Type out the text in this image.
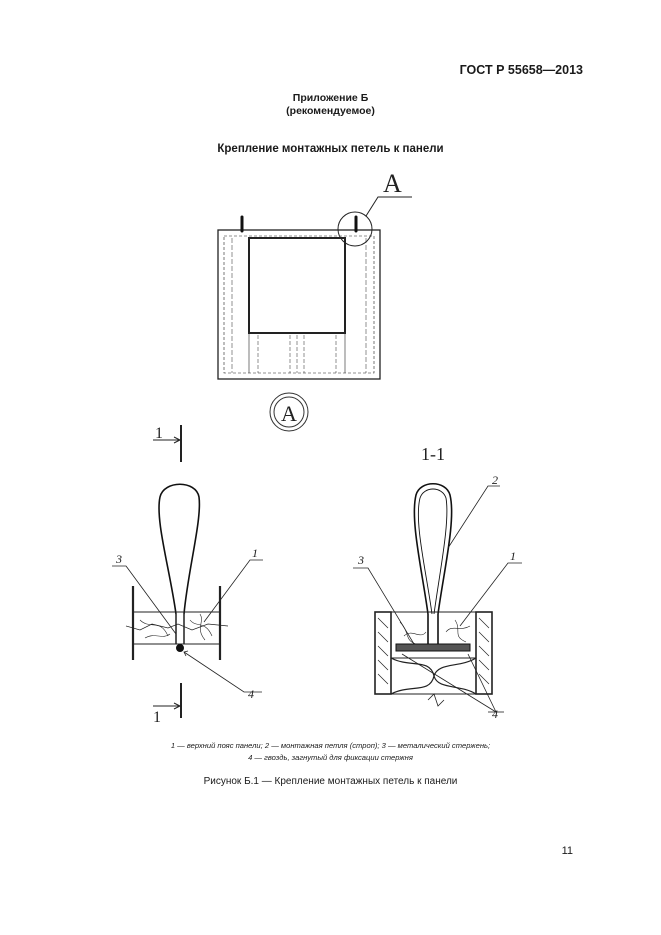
ГОСТ Р 55658—2013
Приложение Б
(рекомендуемое)
Крепление монтажных петель к панели
А
А
1
1
1
3
4
1-1
2
1
3
4
1 — верхний пояс панели; 2 — монтажная петля (строп); 3 — металический стержень;
4 — гвоздь, загнутый для фиксации стержня
Рисунок Б.1 — Крепление монтажных петель к панели
11
